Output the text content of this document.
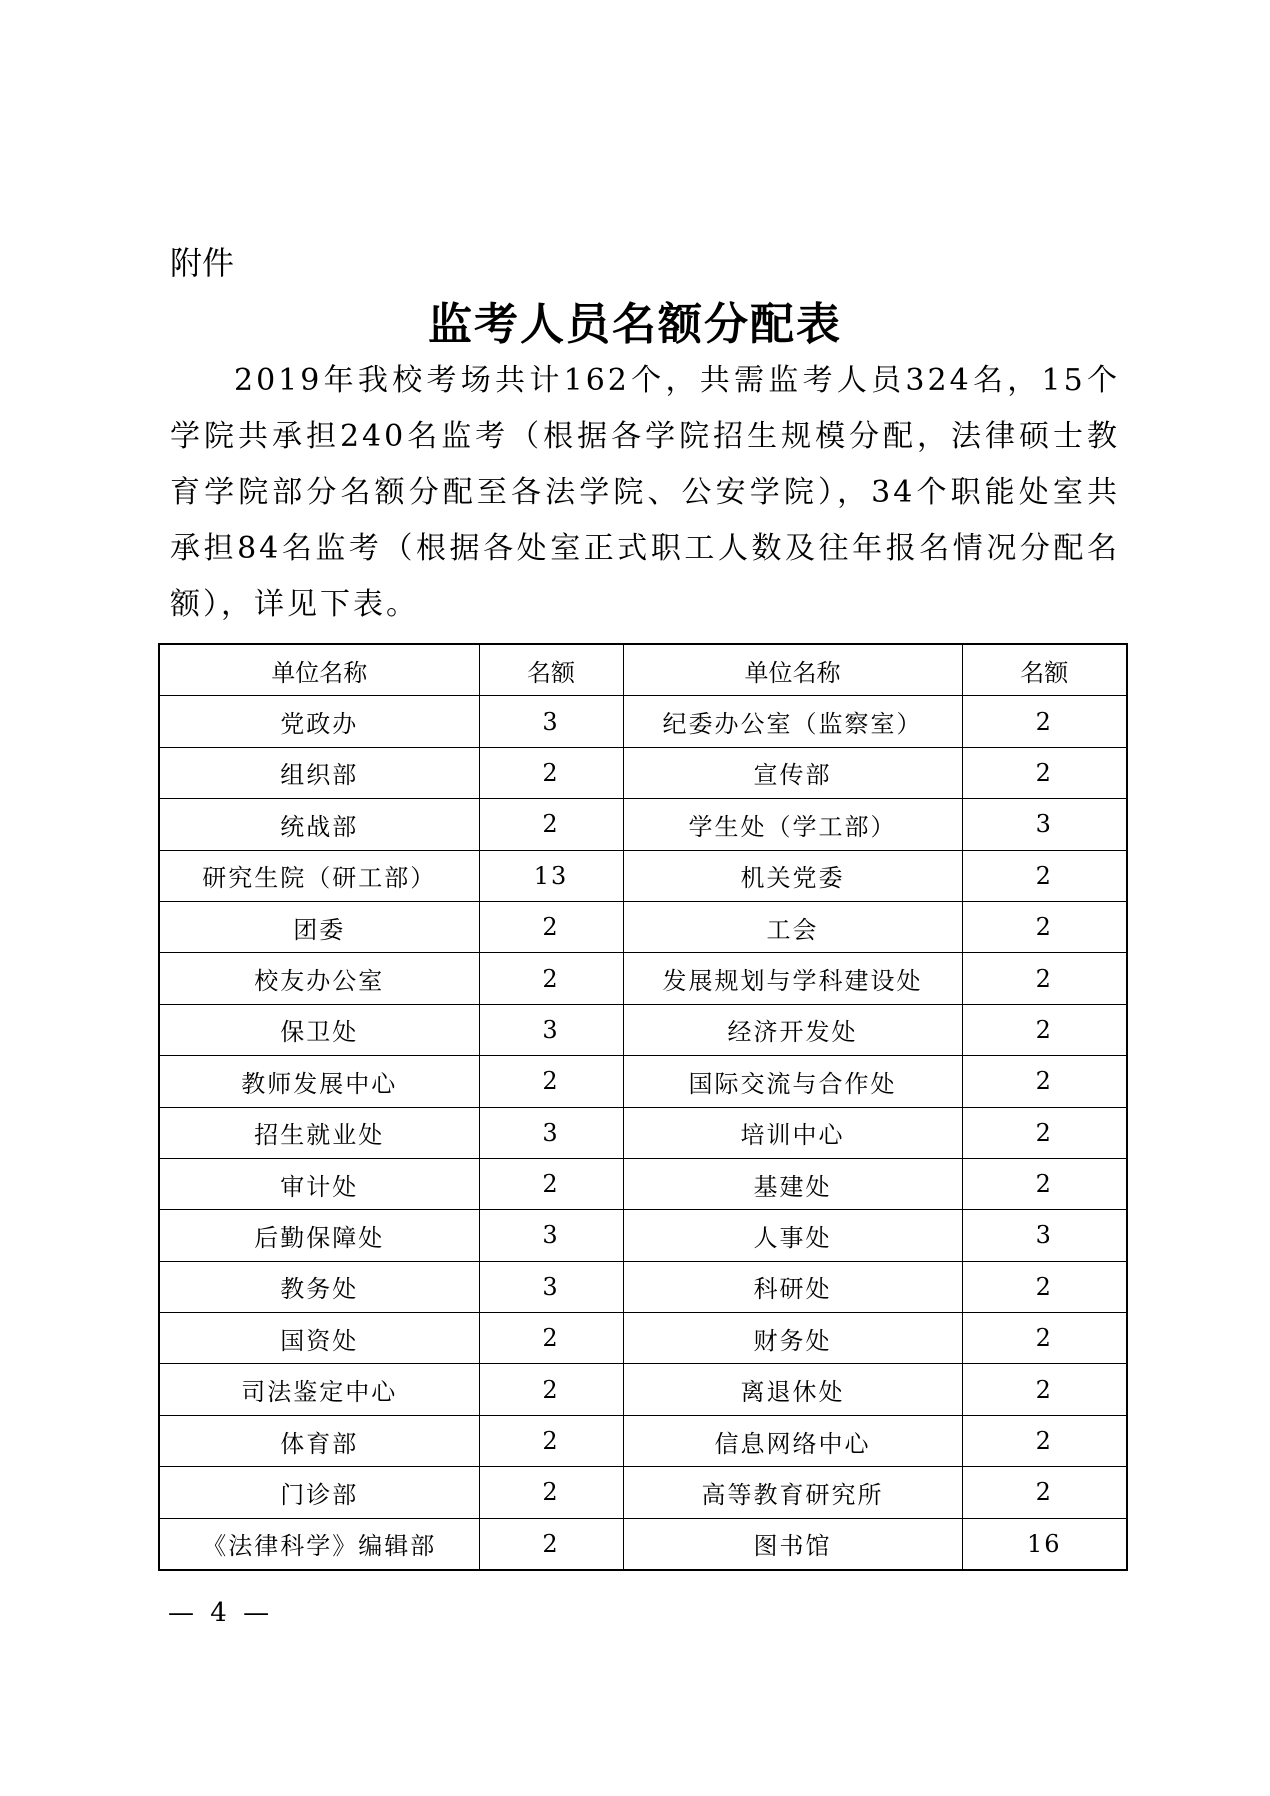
附件
监考人员名额分配表

2019年我校考场共计162个，共需监考人员324名，15个学院共承担240名监考（根据各学院招生规模分配，法律硕士教育学院部分名额分配至各法学院、公安学院），34个职能处室共承担84名监考（根据各处室正式职工人数及往年报名情况分配名额），详见下表。

单位名称	名额	单位名称	名额
党政办	3	纪委办公室（监察室）	2
组织部	2	宣传部	2
统战部	2	学生处（学工部）	3
研究生院（研工部）	13	机关党委	2
团委	2	工会	2
校友办公室	2	发展规划与学科建设处	2
保卫处	3	经济开发处	2
教师发展中心	2	国际交流与合作处	2
招生就业处	3	培训中心	2
审计处	2	基建处	2
后勤保障处	3	人事处	3
教务处	3	科研处	2
国资处	2	财务处	2
司法鉴定中心	2	离退休处	2
体育部	2	信息网络中心	2
门诊部	2	高等教育研究所	2
《法律科学》编辑部	2	图书馆	16
— 4 —
